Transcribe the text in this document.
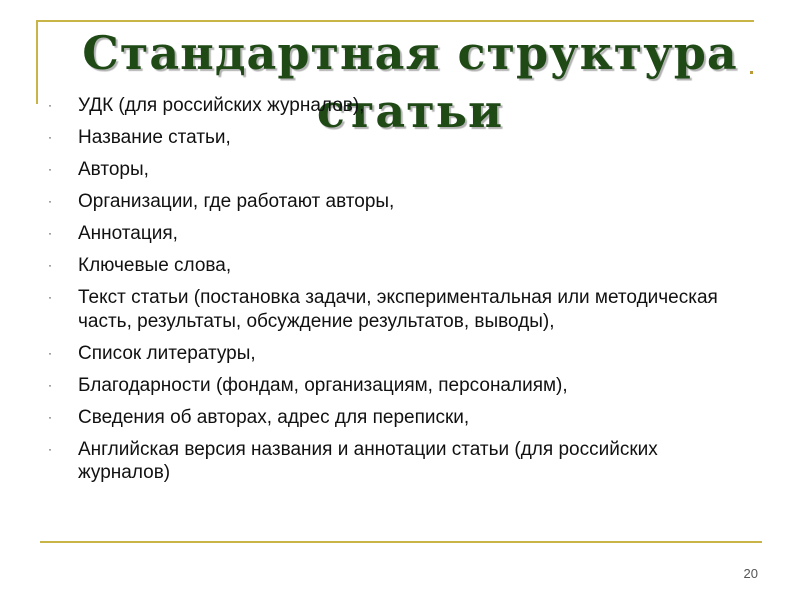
Стандартная структура статьи
·	УДК (для российских журналов),
·	Название статьи,
·	Авторы,
·	Организации, где работают авторы,
·	Аннотация,
·	Ключевые слова,
·	Текст статьи (постановка задачи, экспериментальная или методическая часть, результаты, обсуждение результатов, выводы),
·	Список литературы,
·	Благодарности (фондам, организациям, персоналиям),
·	Сведения об авторах, адрес для переписки,
·	Английская версия названия и аннотации статьи (для российских журналов)
20
